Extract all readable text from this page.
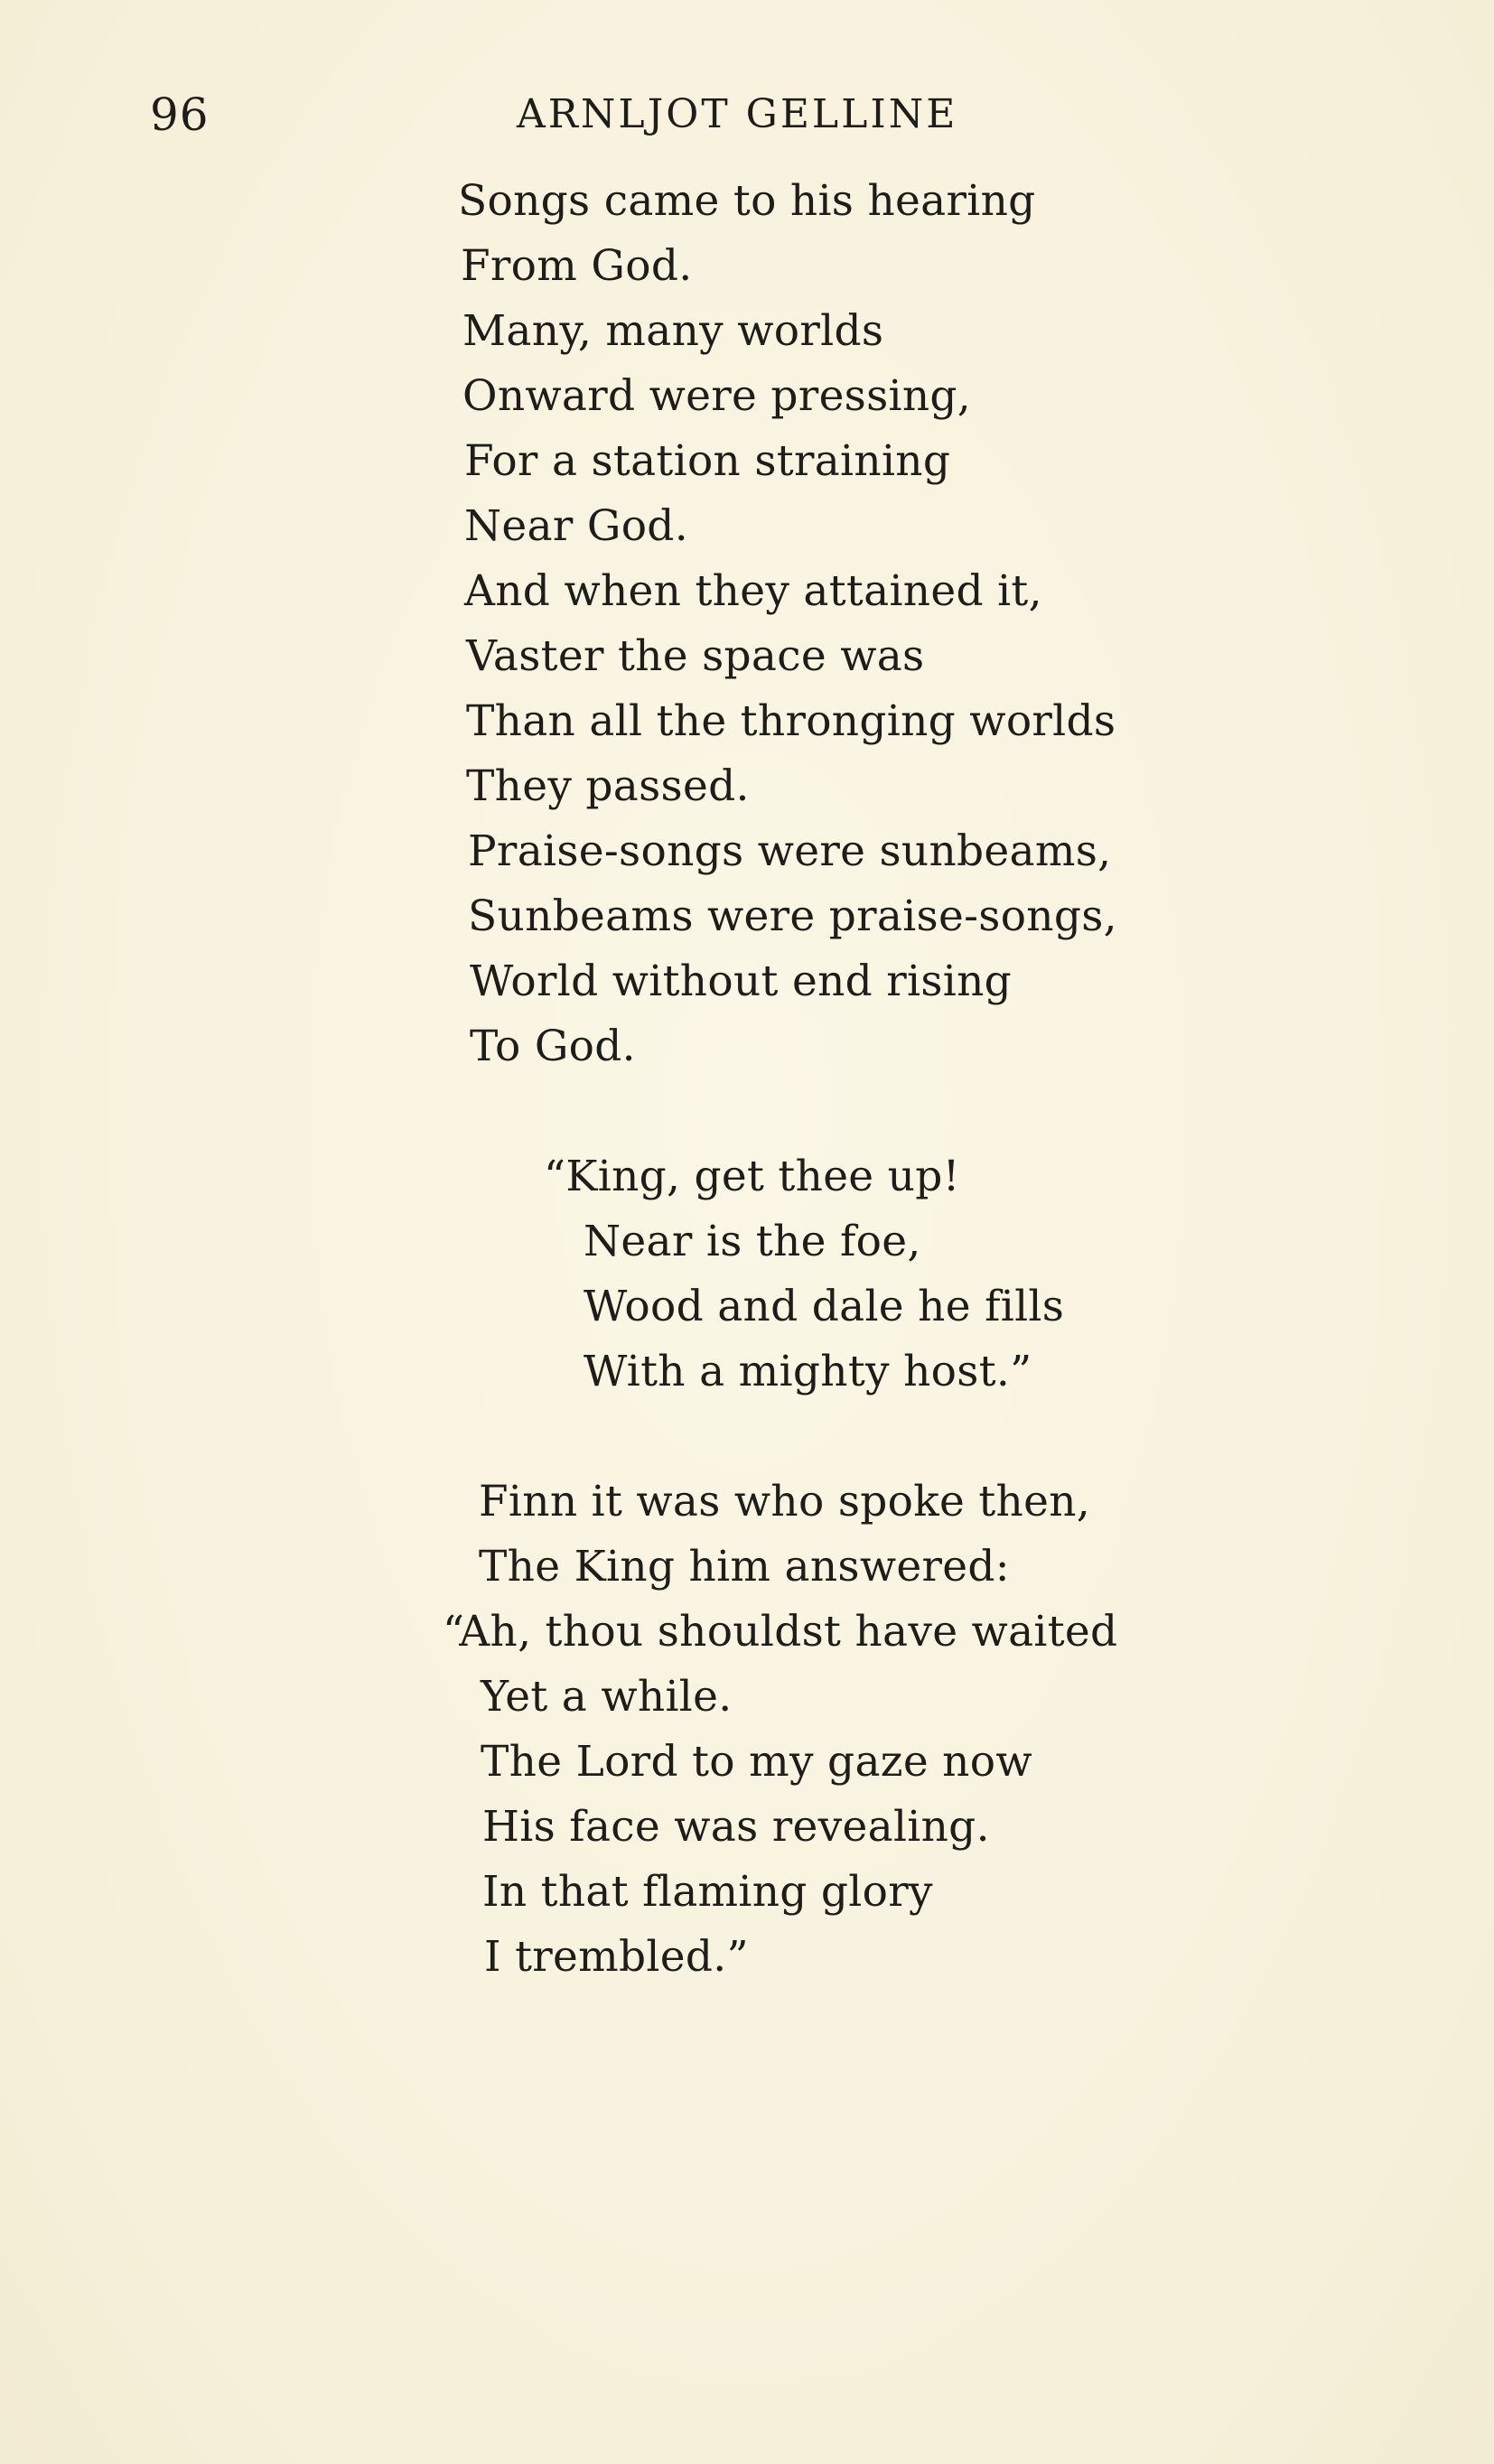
96	ARNLJOT GELLINE
Songs came to his hearing
From God.
Many, many worlds
Onward were pressing,
For a station straining
Near God.
And when they attained it,
Vaster the space was
Than all the thronging worlds
They passed.
Praise-songs were sunbeams,
Sunbeams were praise-songs,
World without end rising
To God.
“King, get thee up!
Near is the foe,
Wood and dale he fills
With a mighty host.”
Finn it was who spoke then,
The King him answered:
“Ah, thou shouldst have waited
Yet a while.
The Lord to my gaze now
His face was revealing.
In that flaming glory
I trembled.”
